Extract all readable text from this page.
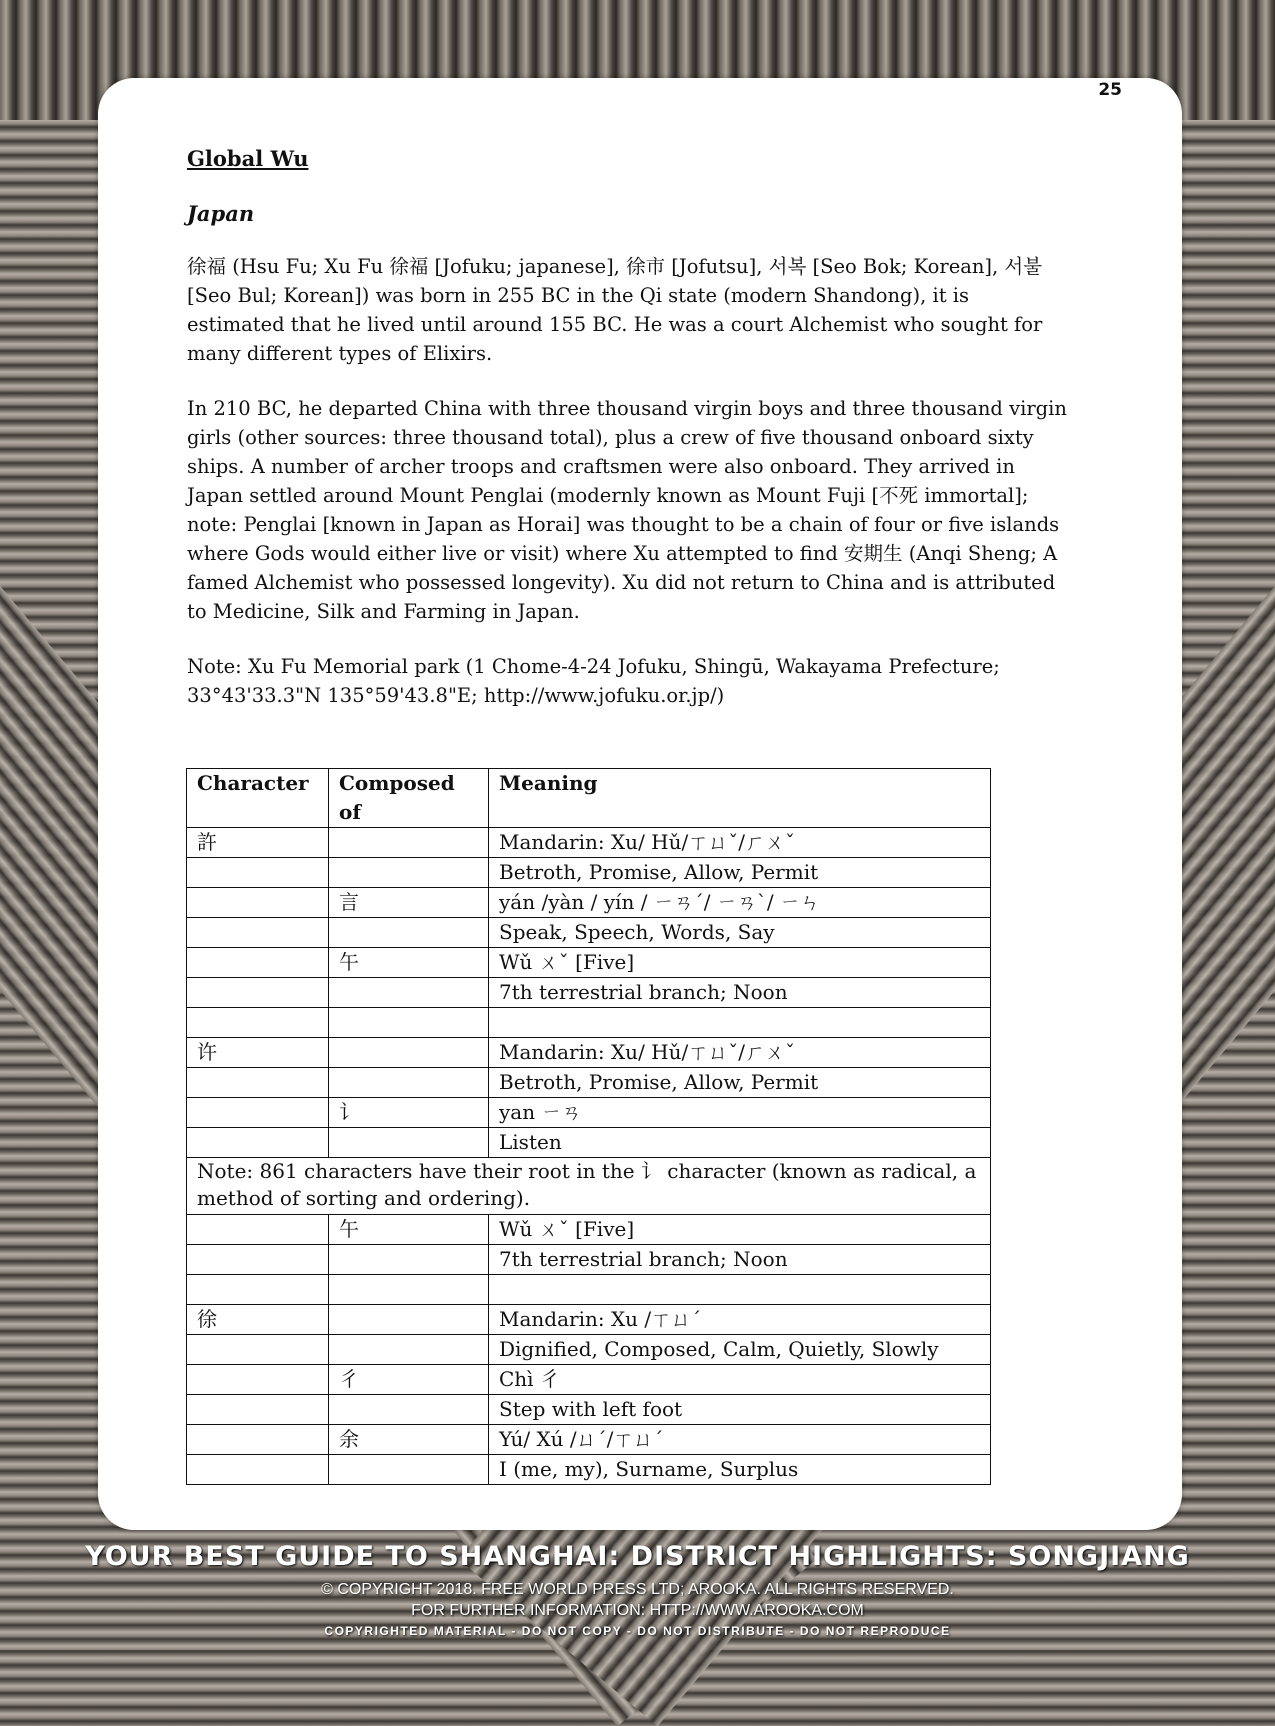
25
Global Wu
Japan

徐福 (Hsu Fu; Xu Fu 徐福 [Jofuku; japanese], 徐市 [Jofutsu], 서복 [Seo Bok; Korean], 서불 [Seo Bul; Korean]) was born in 255 BC in the Qi state (modern Shandong), it is estimated that he lived until around 155 BC. He was a court Alchemist who sought for many different types of Elixirs.

In 210 BC, he departed China with three thousand virgin boys and three thousand virgin girls (other sources: three thousand total), plus a crew of five thousand onboard sixty ships. A number of archer troops and craftsmen were also onboard. They arrived in Japan settled around Mount Penglai (modernly known as Mount Fuji [不死 immortal]; note: Penglai [known in Japan as Horai] was thought to be a chain of four or five islands where Gods would either live or visit) where Xu attempted to find 安期生 (Anqi Sheng; A famed Alchemist who possessed longevity). Xu did not return to China and is attributed to Medicine, Silk and Farming in Japan.

Note: Xu Fu Memorial park (1 Chome-4-24 Jofuku, Shingū, Wakayama Prefecture; 33°43'33.3"N 135°59'43.8"E; http://www.jofuku.or.jp/)

Character	Composed of	Meaning
許		Mandarin: Xu/ Hǔ/ㄒㄩˇ/ㄏㄨˇ
		Betroth, Promise, Allow, Permit
	言	yán /yàn / yín / ㄧㄢˊ/ ㄧㄢˋ/ ㄧㄣ
		Speak, Speech, Words, Say
	午	Wǔ ㄨˇ [Five]
		7th terrestrial branch; Noon

许		Mandarin: Xu/ Hǔ/ㄒㄩˇ/ㄏㄨˇ
		Betroth, Promise, Allow, Permit
	讠	yan ㄧㄢ
		Listen
Note: 861 characters have their root in the 讠 character (known as radical, a method of sorting and ordering).		
	午	Wǔ ㄨˇ [Five]
		7th terrestrial branch; Noon

徐		Mandarin: Xu /ㄒㄩˊ
		Dignified, Composed, Calm, Quietly, Slowly
	彳	Chì 彳
		Step with left foot
	余	Yú/ Xú /ㄩˊ/ㄒㄩˊ
		I (me, my), Surname, Surplus
YOUR BEST GUIDE TO SHANGHAI: DISTRICT HIGHLIGHTS: SONGJIANG
© COPYRIGHT 2018. FREE WORLD PRESS LTD; AROOKA. ALL RIGHTS RESERVED.
FOR FURTHER INFORMATION: HTTP://WWW.AROOKA.COM
COPYRIGHTED MATERIAL - DO NOT COPY - DO NOT DISTRIBUTE - DO NOT REPRODUCE
